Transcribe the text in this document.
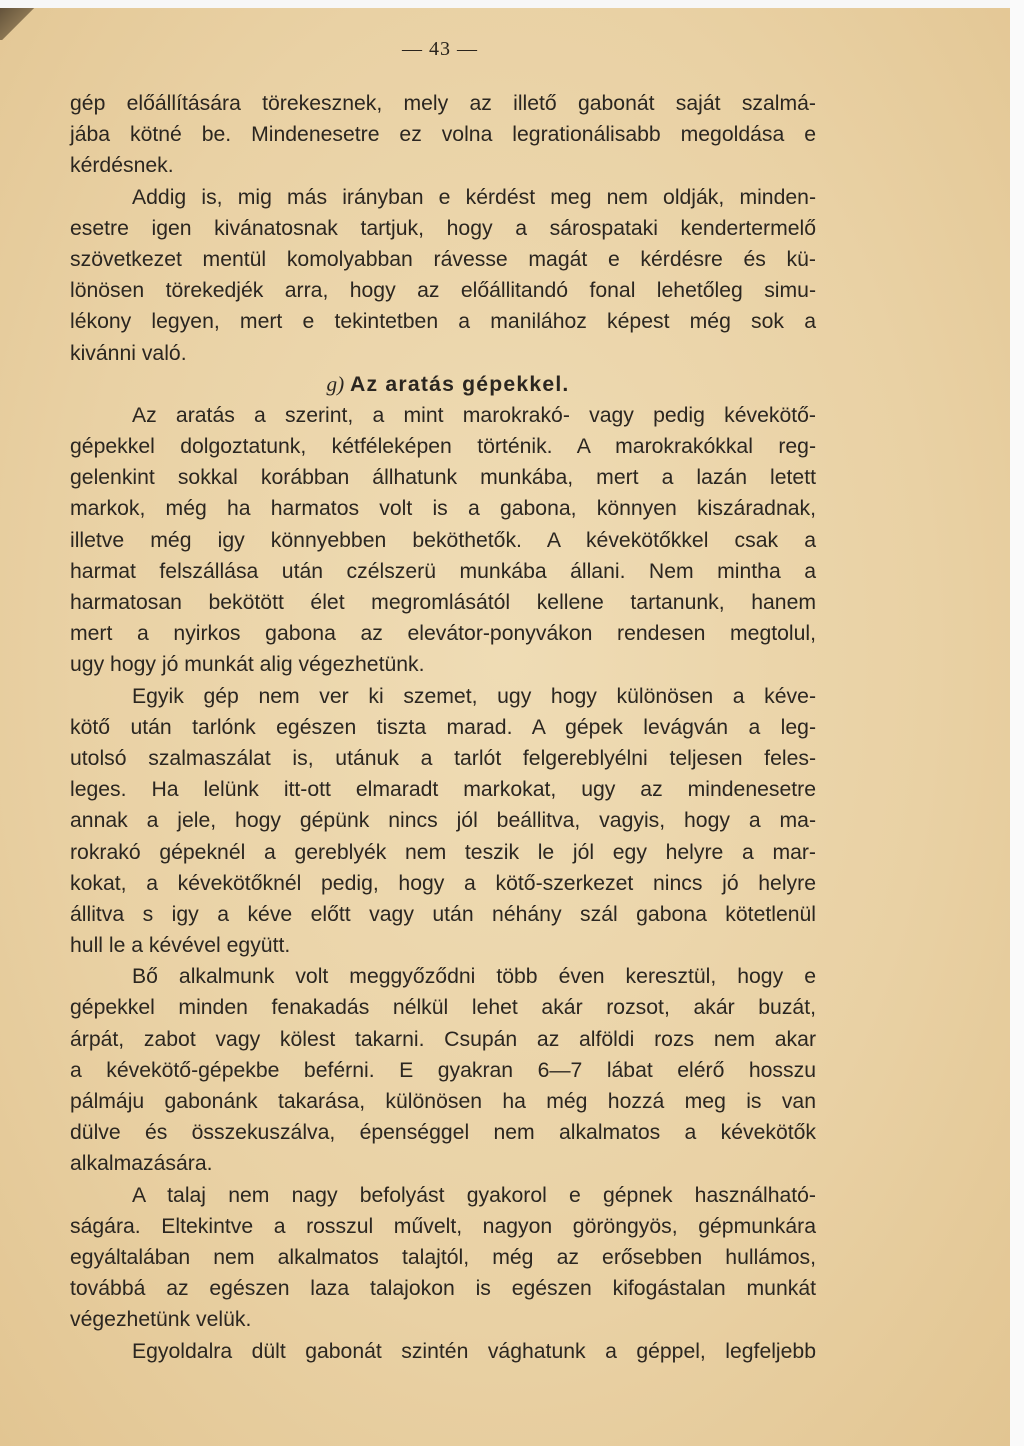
— 43 —
gép előállítására törekesznek, mely az illető gabonát saját szalmá-
jába kötné be. Mindenesetre ez volna legrationálisabb megoldása e
kérdésnek.
Addig is, mig más irányban e kérdést meg nem oldják, minden-
esetre igen kivánatosnak tartjuk, hogy a sárospataki kendertermelő
szövetkezet mentül komolyabban rávesse magát e kérdésre és kü-
lönösen törekedjék arra, hogy az előállitandó fonal lehetőleg simu-
lékony legyen, mert e tekintetben a manilához képest még sok a
kivánni való.
g) Az aratás gépekkel.
Az aratás a szerint, a mint marokrakó- vagy pedig kévekötő-
gépekkel dolgoztatunk, kétféleképen történik. A marokrakókkal reg-
gelenkint sokkal korábban állhatunk munkába, mert a lazán letett
markok, még ha harmatos volt is a gabona, könnyen kiszáradnak,
illetve még igy könnyebben beköthetők. A kévekötőkkel csak a
harmat felszállása után czélszerü munkába állani. Nem mintha a
harmatosan bekötött élet megromlásától kellene tartanunk, hanem
mert a nyirkos gabona az elevátor-ponyvákon rendesen megtolul,
ugy hogy jó munkát alig végezhetünk.
Egyik gép nem ver ki szemet, ugy hogy különösen a kéve-
kötő után tarlónk egészen tiszta marad. A gépek levágván a leg-
utolsó szalmaszálat is, utánuk a tarlót felgereblyélni teljesen feles-
leges. Ha lelünk itt-ott elmaradt markokat, ugy az mindenesetre
annak a jele, hogy gépünk nincs jól beállitva, vagyis, hogy a ma-
rokrakó gépeknél a gereblyék nem teszik le jól egy helyre a mar-
kokat, a kévekötőknél pedig, hogy a kötő-szerkezet nincs jó helyre
állitva s igy a kéve előtt vagy után néhány szál gabona kötetlenül
hull le a kévével együtt.
Bő alkalmunk volt meggyőződni több éven keresztül, hogy e
gépekkel minden fenakadás nélkül lehet akár rozsot, akár buzát,
árpát, zabot vagy kölest takarni. Csupán az alföldi rozs nem akar
a kévekötő-gépekbe beférni. E gyakran 6—7 lábat elérő hosszu
pálmáju gabonánk takarása, különösen ha még hozzá meg is van
dülve és összekuszálva, épenséggel nem alkalmatos a kévekötők
alkalmazására.
A talaj nem nagy befolyást gyakorol e gépnek használható-
ságára. Eltekintve a rosszul művelt, nagyon göröngyös, gépmunkára
egyáltalában nem alkalmatos talajtól, még az erősebben hullámos,
továbbá az egészen laza talajokon is egészen kifogástalan munkát
végezhetünk velük.
Egyoldalra dült gabonát szintén vághatunk a géppel, legfeljebb
